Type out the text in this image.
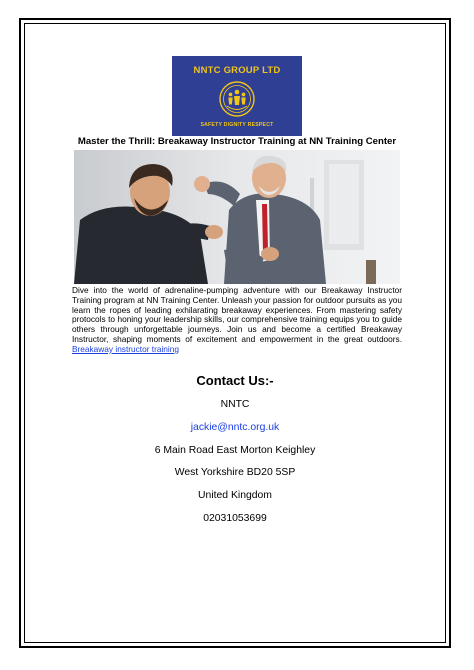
NNTC GROUP LTD
SAFETY DIGNITY RESPECT
Master the Thrill: Breakaway Instructor Training at NN Training Center

Dive into the world of adrenaline-pumping adventure with our Breakaway Instructor Training program at NN Training Center. Unleash your passion for outdoor pursuits as you learn the ropes of leading exhilarating breakaway experiences. From mastering safety protocols to honing your leadership skills, our comprehensive training equips you to guide others through unforgettable journeys. Join us and become a certified Breakaway Instructor, shaping moments of excitement and empowerment in the great outdoors. Breakaway instructor training

Contact Us:-
NNTC
jackie@nntc.org.uk
6 Main Road East Morton Keighley
West Yorkshire BD20 5SP
United Kingdom
02031053699
